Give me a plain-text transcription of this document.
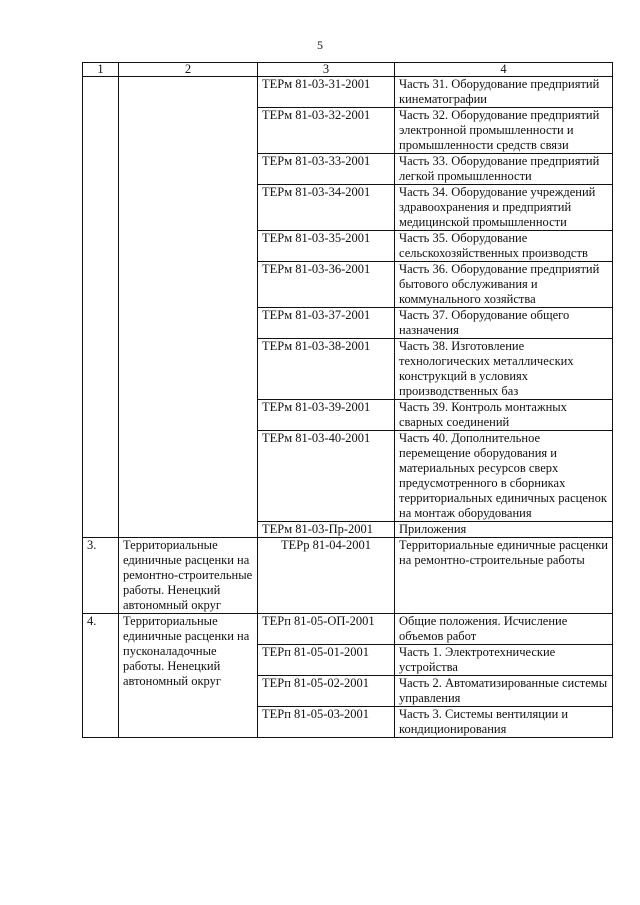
5
1	2	3	4
		ТЕРм 81-03-31-2001	Часть 31. Оборудование предприятий кинематографии
		ТЕРм 81-03-32-2001	Часть 32. Оборудование предприятий электронной промышленности и промышленности средств связи
		ТЕРм 81-03-33-2001	Часть 33. Оборудование предприятий легкой промышленности
		ТЕРм 81-03-34-2001	Часть 34. Оборудование учреждений здравоохранения и предприятий медицинской промышленности
		ТЕРм 81-03-35-2001	Часть 35. Оборудование сельскохозяйственных производств
		ТЕРм 81-03-36-2001	Часть 36. Оборудование предприятий бытового обслуживания и коммунального хозяйства
		ТЕРм 81-03-37-2001	Часть 37. Оборудование общего назначения
		ТЕРм 81-03-38-2001	Часть 38. Изготовление технологических металлических конструкций в условиях производственных баз
		ТЕРм 81-03-39-2001	Часть 39. Контроль монтажных сварных соединений
		ТЕРм 81-03-40-2001	Часть 40. Дополнительное перемещение оборудования и материальных ресурсов сверх предусмотренного в сборниках территориальных единичных расценок на монтаж оборудования
		ТЕРм 81-03-Пр-2001	Приложения
3.	Территориальные единичные расценки на ремонтно-строительные работы. Ненецкий автономный округ	ТЕРр 81-04-2001	Территориальные единичные расценки на ремонтно-строительные работы
4.	Территориальные единичные расценки на пусконаладочные работы. Ненецкий автономный округ	ТЕРп 81-05-ОП-2001	Общие положения. Исчисление объемов работ
		ТЕРп 81-05-01-2001	Часть 1. Электротехнические устройства
		ТЕРп 81-05-02-2001	Часть 2. Автоматизированные системы управления
		ТЕРп 81-05-03-2001	Часть 3. Системы вентиляции и кондиционирования
